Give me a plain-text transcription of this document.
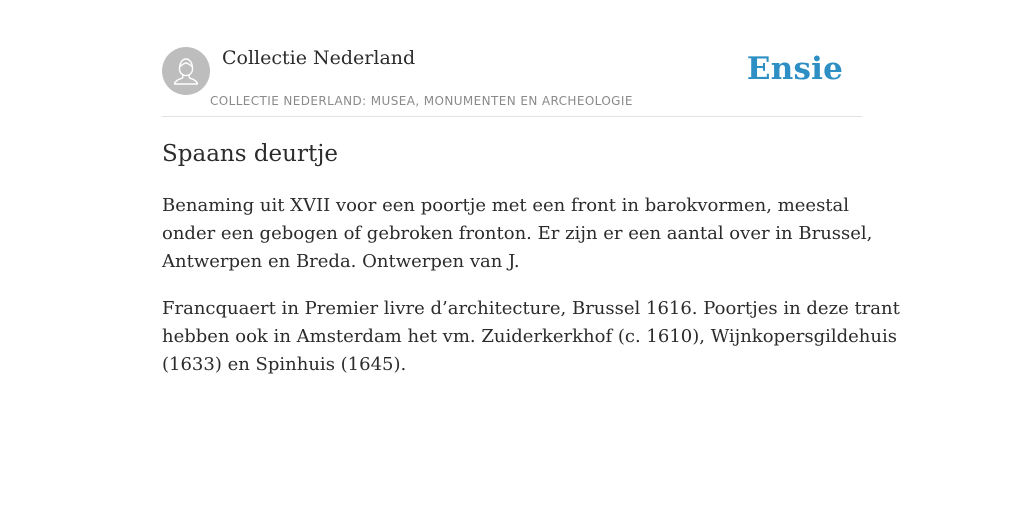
Collectie Nederland
COLLECTIE NEDERLAND: MUSEA, MONUMENTEN EN ARCHEOLOGIE
Ensie
Spaans deurtje

Benaming uit XVII voor een poortje met een front in barokvormen, meestal
onder een gebogen of gebroken fronton. Er zijn er een aantal over in Brussel,
Antwerpen en Breda. Ontwerpen van J.

Francquaert in Premier livre d’architecture, Brussel 1616. Poortjes in deze trant
hebben ook in Amsterdam het vm. Zuiderkerkhof (c. 1610), Wijnkopersgildehuis
(1633) en Spinhuis (1645).
